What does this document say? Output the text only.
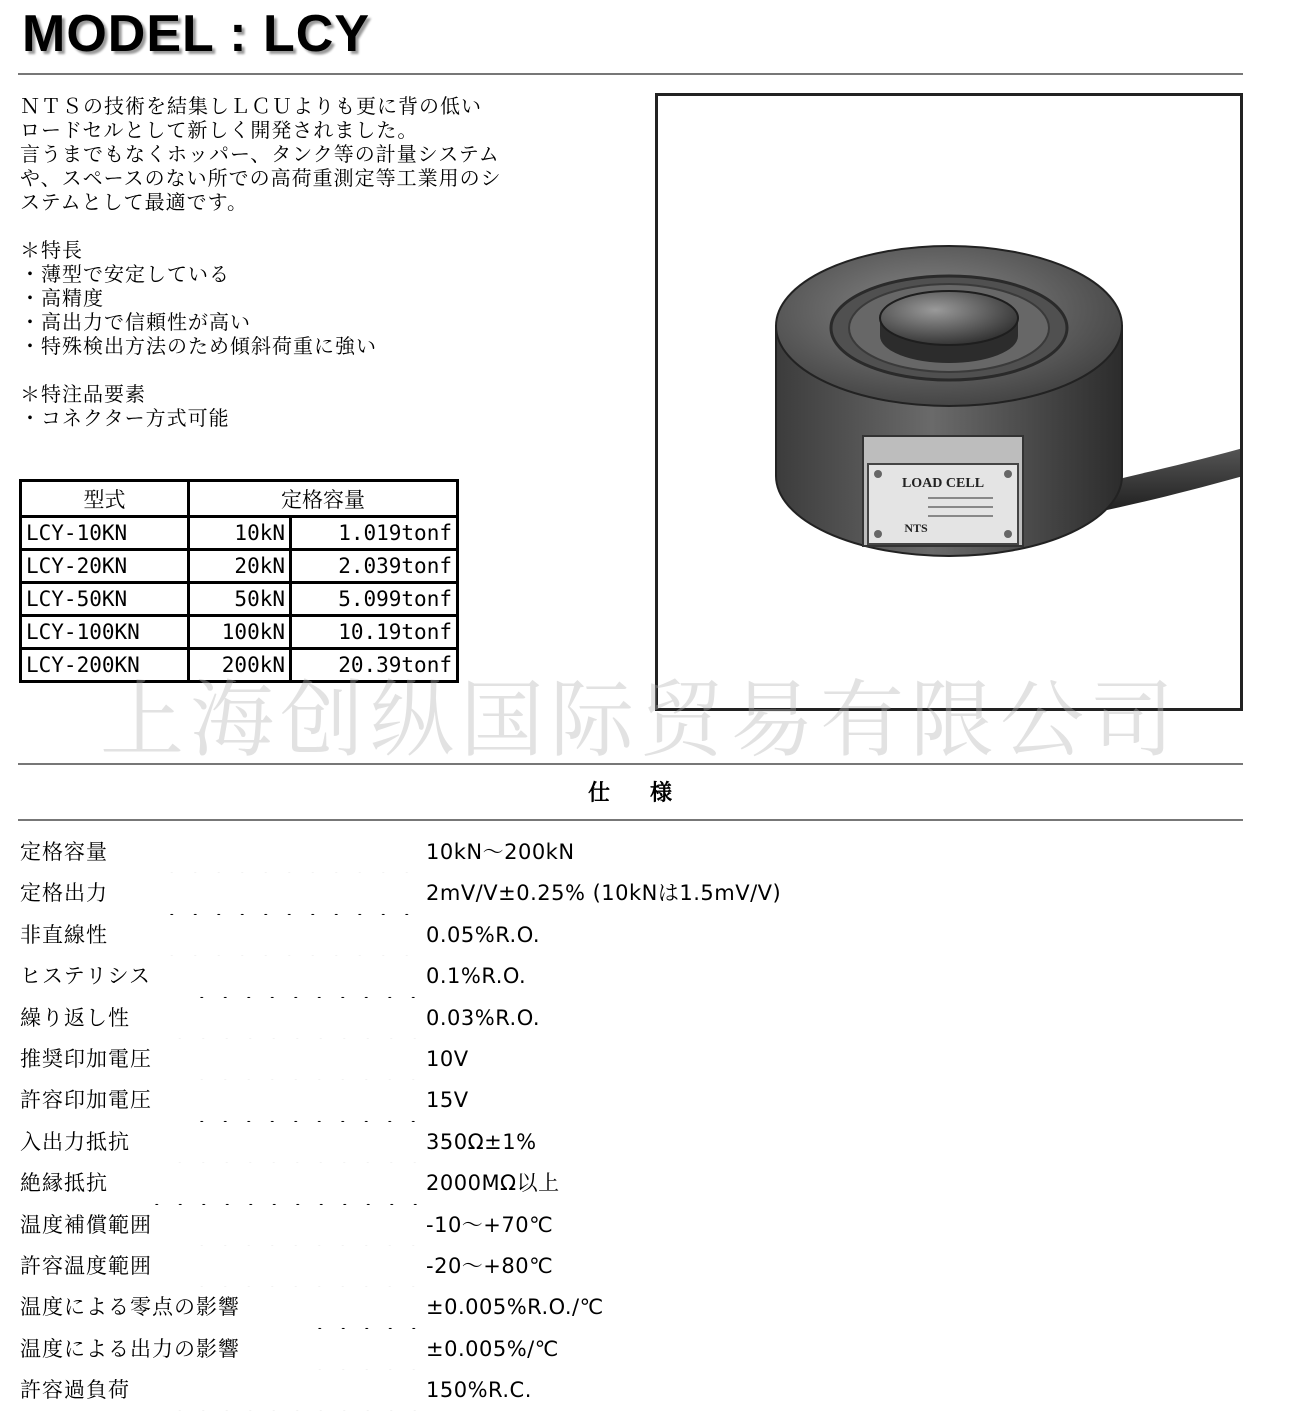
MODEL : LCY
ＮＴＳの技術を結集しＬＣＵよりも更に背の低い
ロードセルとして新しく開発されました。
言うまでもなくホッパー、タンク等の計量システム
や、スペースのない所での高荷重測定等工業用のシ
ステムとして最適です。
＊特長
・薄型で安定している
・高精度
・高出力で信頼性が高い
・特殊検出方法のため傾斜荷重に強い
＊特注品要素
・コネクター方式可能
型式	定格容量	
LCY-10KN	10kN	1.019tonf
LCY-20KN	20kN	2.039tonf
LCY-50KN	50kN	5.099tonf
LCY-100KN	100kN	10.19tonf
LCY-200KN	200kN	20.39tonf
LOAD CELL
NTS
上海创纵国际贸易有限公司
仕様
定格容量	10kN～200kN
定格出力	2mV/V±0.25% (10kNは1.5mV/V)
非直線性	0.05%R.O.
ヒステリシス	0.1%R.O.
繰り返し性	0.03%R.O.
推奨印加電圧	10V
許容印加電圧	15V
入出力抵抗	350Ω±1%
絶縁抵抗	2000MΩ以上
温度補償範囲	-10～+70℃
許容温度範囲	-20～+80℃
温度による零点の影響	±0.005%R.O./℃
温度による出力の影響	±0.005%/℃
許容過負荷	150%R.C.
